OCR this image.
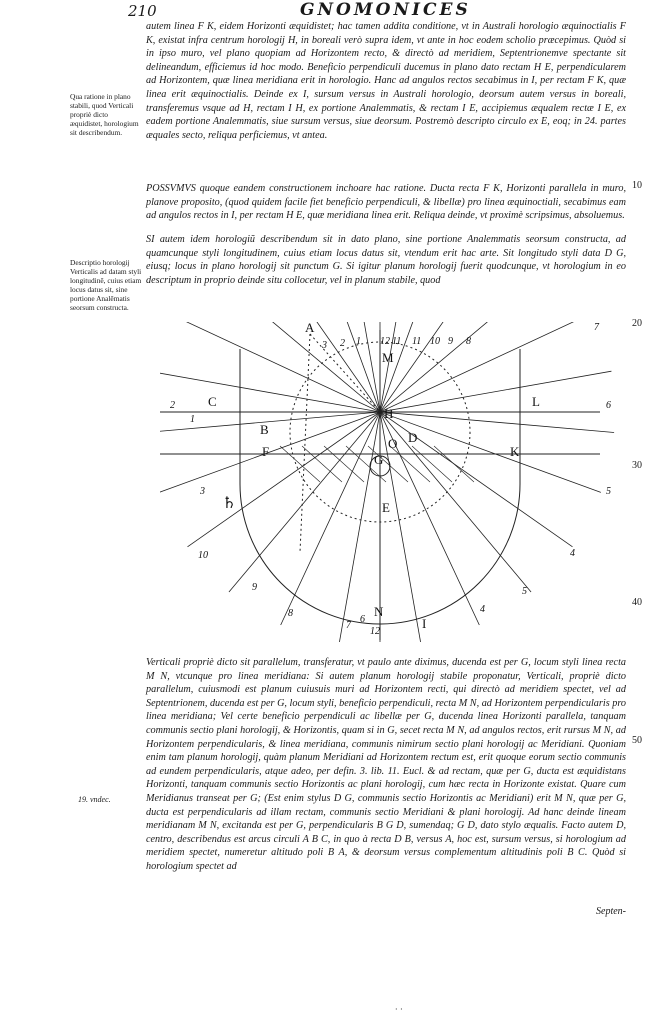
210	GNOMONICES

autem linea F K, eidem Horizonti æquidistet; hac tamen addita conditione, vt in Australi horologio æquinoctialis F K, existat infra centrum horologij H, in boreali verò supra idem, vt ante in hoc eodem scholio præcepimus. Quòd si in ipso muro, vel plano quopiam ad Horizontem recto, & directò ad meridiem, Septentrionemve spectante sit delineandum, efficiemus id hoc modo. Beneficio perpendiculi ducemus in plano dato rectam H E, perpendicularem ad Horizontem, quæ linea meridiana erit in horologio. Hanc ad angulos rectos secabimus in I, per rectam F K, quæ linea erit æquinoctialis. Deinde ex I, sursum versus in Australi horologio, deorsum autem versus in boreali, transferemus vsque ad H, rectam I H, ex portione Analemmatis, & rectam I E, accipiemus æqualem rectæ I E, ex eadem portione Analemmatis, siue sursum versus, siue deorsum. Postremò descripto circulo ex E, eoq; in 24. partes æquales secto, reliqua perficiemus, vt antea.

POSSVMVS quoque eandem constructionem inchoare hac ratione. Ducta recta F K, Horizonti parallela in muro, planove proposito, (quod quidem facile fiet beneficio perpendiculi, & libellæ) pro linea æquinoctiali, secabimus eam ad angulos rectos in I, per rectam H E, quæ meridiana linea erit. Reliqua deinde, vt proximè scripsimus, absoluemus.

SI autem idem horologiũ describendum sit in dato plano, sine portione Analemmatis seorsum constructa, ad quamcunque styli longitudinem, cuius etiam locus datus sit, vtendum erit hac arte. Sit longitudo styli data D G, eiusq; locus in plano horologij sit punctum G. Si igitur planum horologij fuerit quodcunque, vt horologium in eo descriptum in proprio deinde situ collocetur, vel in planum stabile, quod

Verticali propriè dicto sit parallelum, transferatur, vt paulo ante diximus, ducenda est per G, locum styli linea recta M N, vtcunque pro linea meridiana: Si autem planum horologij stabile proponatur, Verticali, propriè dicto parallelum, cuiusmodi est planum cuiusuis muri ad Horizontem recti, qui directò ad meridiem spectet, vel ad Septentrionem, ducenda est per G, locum styli, beneficio perpendiculi, recta M N, ad Horizontem perpendicularis pro linea meridiana; Vel certe beneficio perpendiculi ac libellæ per G, ducenda linea Horizonti parallela, tanquam communis sectio plani horologij, & Horizontis, quam si in G, secet recta M N, ad angulos rectos, erit rursus M N, ad Horizontem perpendicularis, & linea meridiana, communis nimirum sectio plani horologij ac Meridiani. Quoniam enim tam planum horologij, quàm planum Meridiani ad Horizontem rectum est, erit quoque eorum sectio communis ad eundem perpendicularis, atque adeo, per defin. 3. lib. 11. Eucl. & ad rectam, quæ per G, ducta est æquidistans Horizonti, tanquam communis sectio Horizontis ac plani horologij, cum hæc recta in Horizonte existat. Quare cum Meridianus transeat per G; (Est enim stylus D G, communis sectio Horizontis ac Meridiani) erit M N, quæ per G, ducta est perpendicularis ad illam rectam, communis sectio Meridiani & plani horologij. Ad hanc deinde lineam meridianam M N, excitanda est per G, perpendicularis B G D, sumendaq; G D, dato stylo æqualis. Facto autem D, centro, describendus est arcus circuli A B C, in quo à recta D B, versus A, hoc est, sursum versus, si horologium ad meridiem spectet, numeretur altitudo poli B A, & deorsum versus complementum altitudinis poli B C. Quòd si horologium spectet ad

Qua ratione in plano stabili, quod Verticali propriè dicto æquidistet, horologium sit describendum.

Descriptio horologij Verticalis ad datam styli longitudinẽ, cuius etiam locus datus sit, sine portione Analẽmatis seorsum constructa.

19. vndec.
10
20
30
40
50
Septen-
· ·
A
M
C	L
H
B
D
O
F	K
G
E
N
I
12
1
2
3
4
5
6
7
8
9
10
11
11
10
9
8
7
6
5
4
3
2
1
12
♄
